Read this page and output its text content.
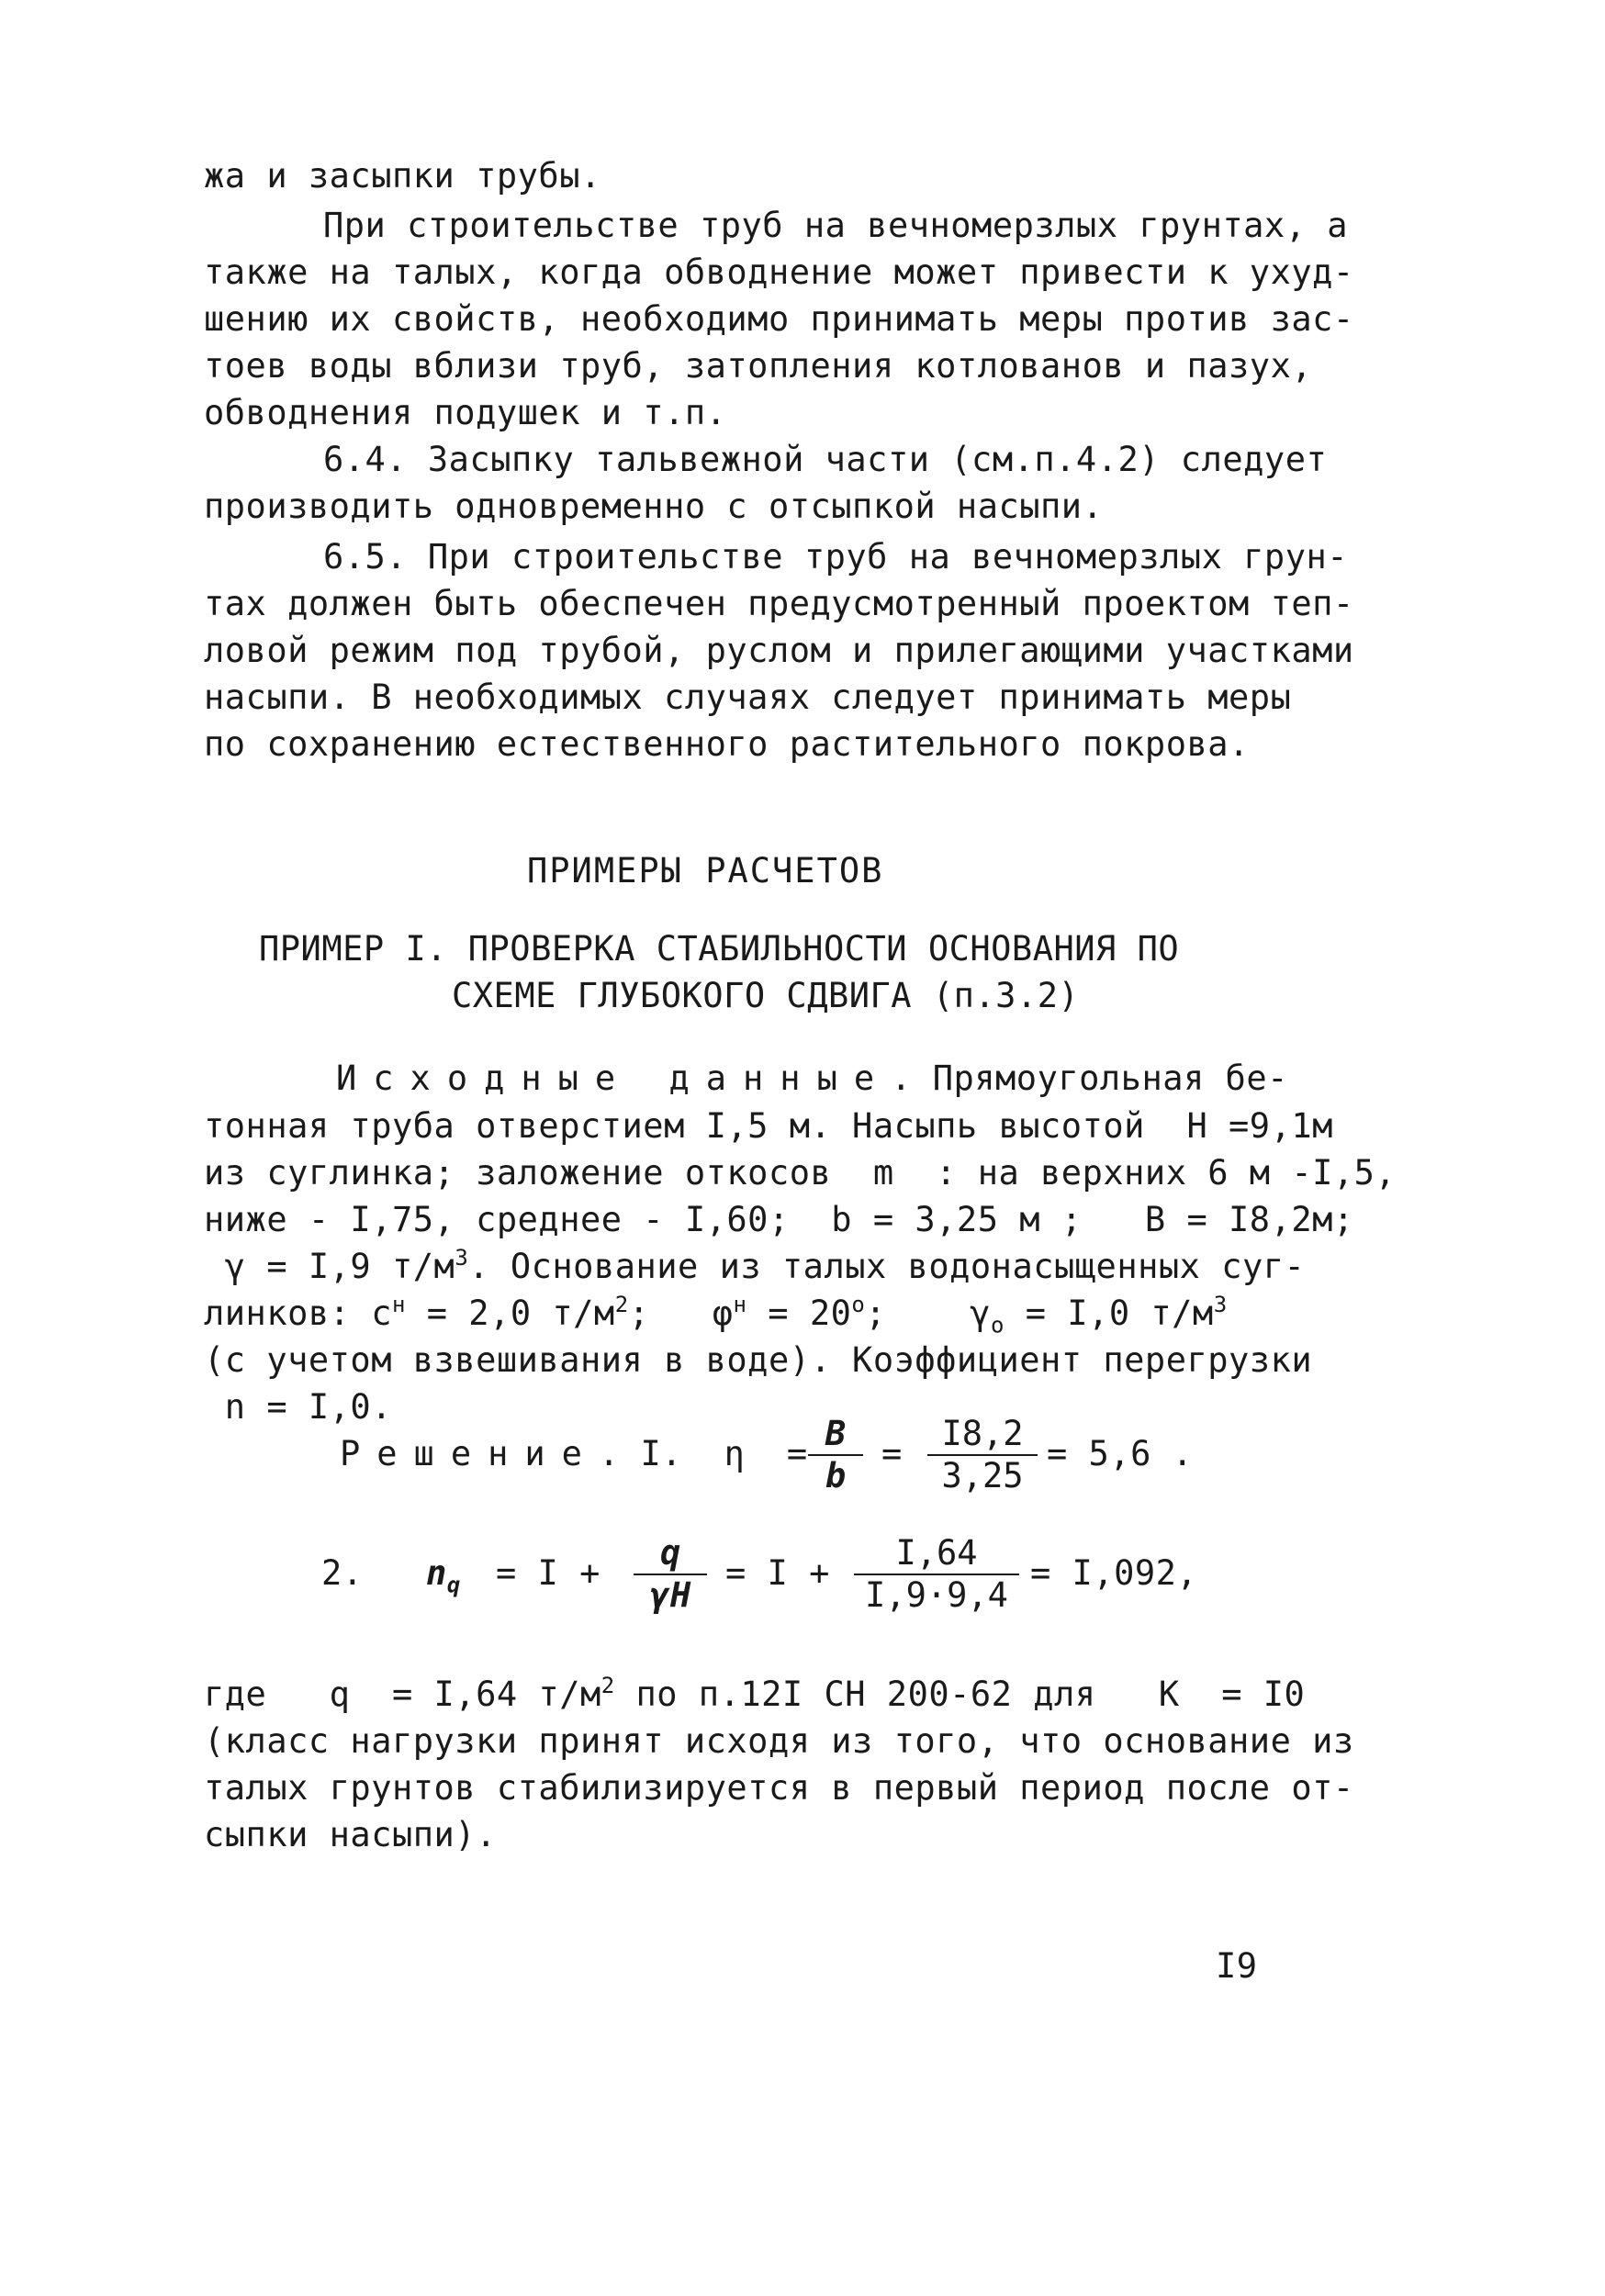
жа и засыпки трубы.
При строительстве труб на вечномерзлых грунтах, а
также на талых, когда обводнение может привести к ухуд-
шению их свойств, необходимо принимать меры против зас-
тоев воды вблизи труб, затопления котлованов и пазух,
обводнения подушек и т.п.
6.4. Засыпку тальвежной части (см.п.4.2) следует
производить одновременно с отсыпкой насыпи.
6.5. При строительстве труб на вечномерзлых грун-
тах должен быть обеспечен предусмотренный проектом теп-
ловой режим под трубой, руслом и прилегающими участками
насыпи. В необходимых случаях следует принимать меры
по сохранению естественного растительного покрова.
ПРИМЕРЫ РАСЧЕТОВ
ПРИМЕР I. ПРОВЕРКА СТАБИЛЬНОСТИ ОСНОВАНИЯ ПО
СХЕМЕ ГЛУБОКОГО СДВИГА (п.3.2)
Исходные данные. Прямоугольная бе-
тонная труба отверстием I,5 м. Насыпь высотой  H =9,1м
из суглинка; заложение откосов  m  : на верхних 6 м -I,5,
ниже - I,75, среднее - I,60;  b = 3,25 м ;   B = I8,2м;
γ = I,9 $т/м^3$. Основание из талых водонасыщенных суг-
линков: $c^н = 2,0$ $т/м^2$;   $\varphi^н = 20^о$;    $\gamma_о = I,0$ $т/м^3$
(с учетом взвешивания в воде). Коэффициент перегрузки
n = I,0.
Решение. I.  $\eta = \frac{B}{b} = \frac{I8,2}{3,25} = 5,6$ .
2. $n_q = I + \frac{q}{\gamma H} = I + \frac{I,64}{I,9\cdot 9,4} = I,092$,
где   q  = I,64 $т/м^2$ по п.12I СН 200-62 для   K  = I0
(класс нагрузки принят исходя из того, что основание из
талых грунтов стабилизируется в первый период после от-
сыпки насыпи).
I9
